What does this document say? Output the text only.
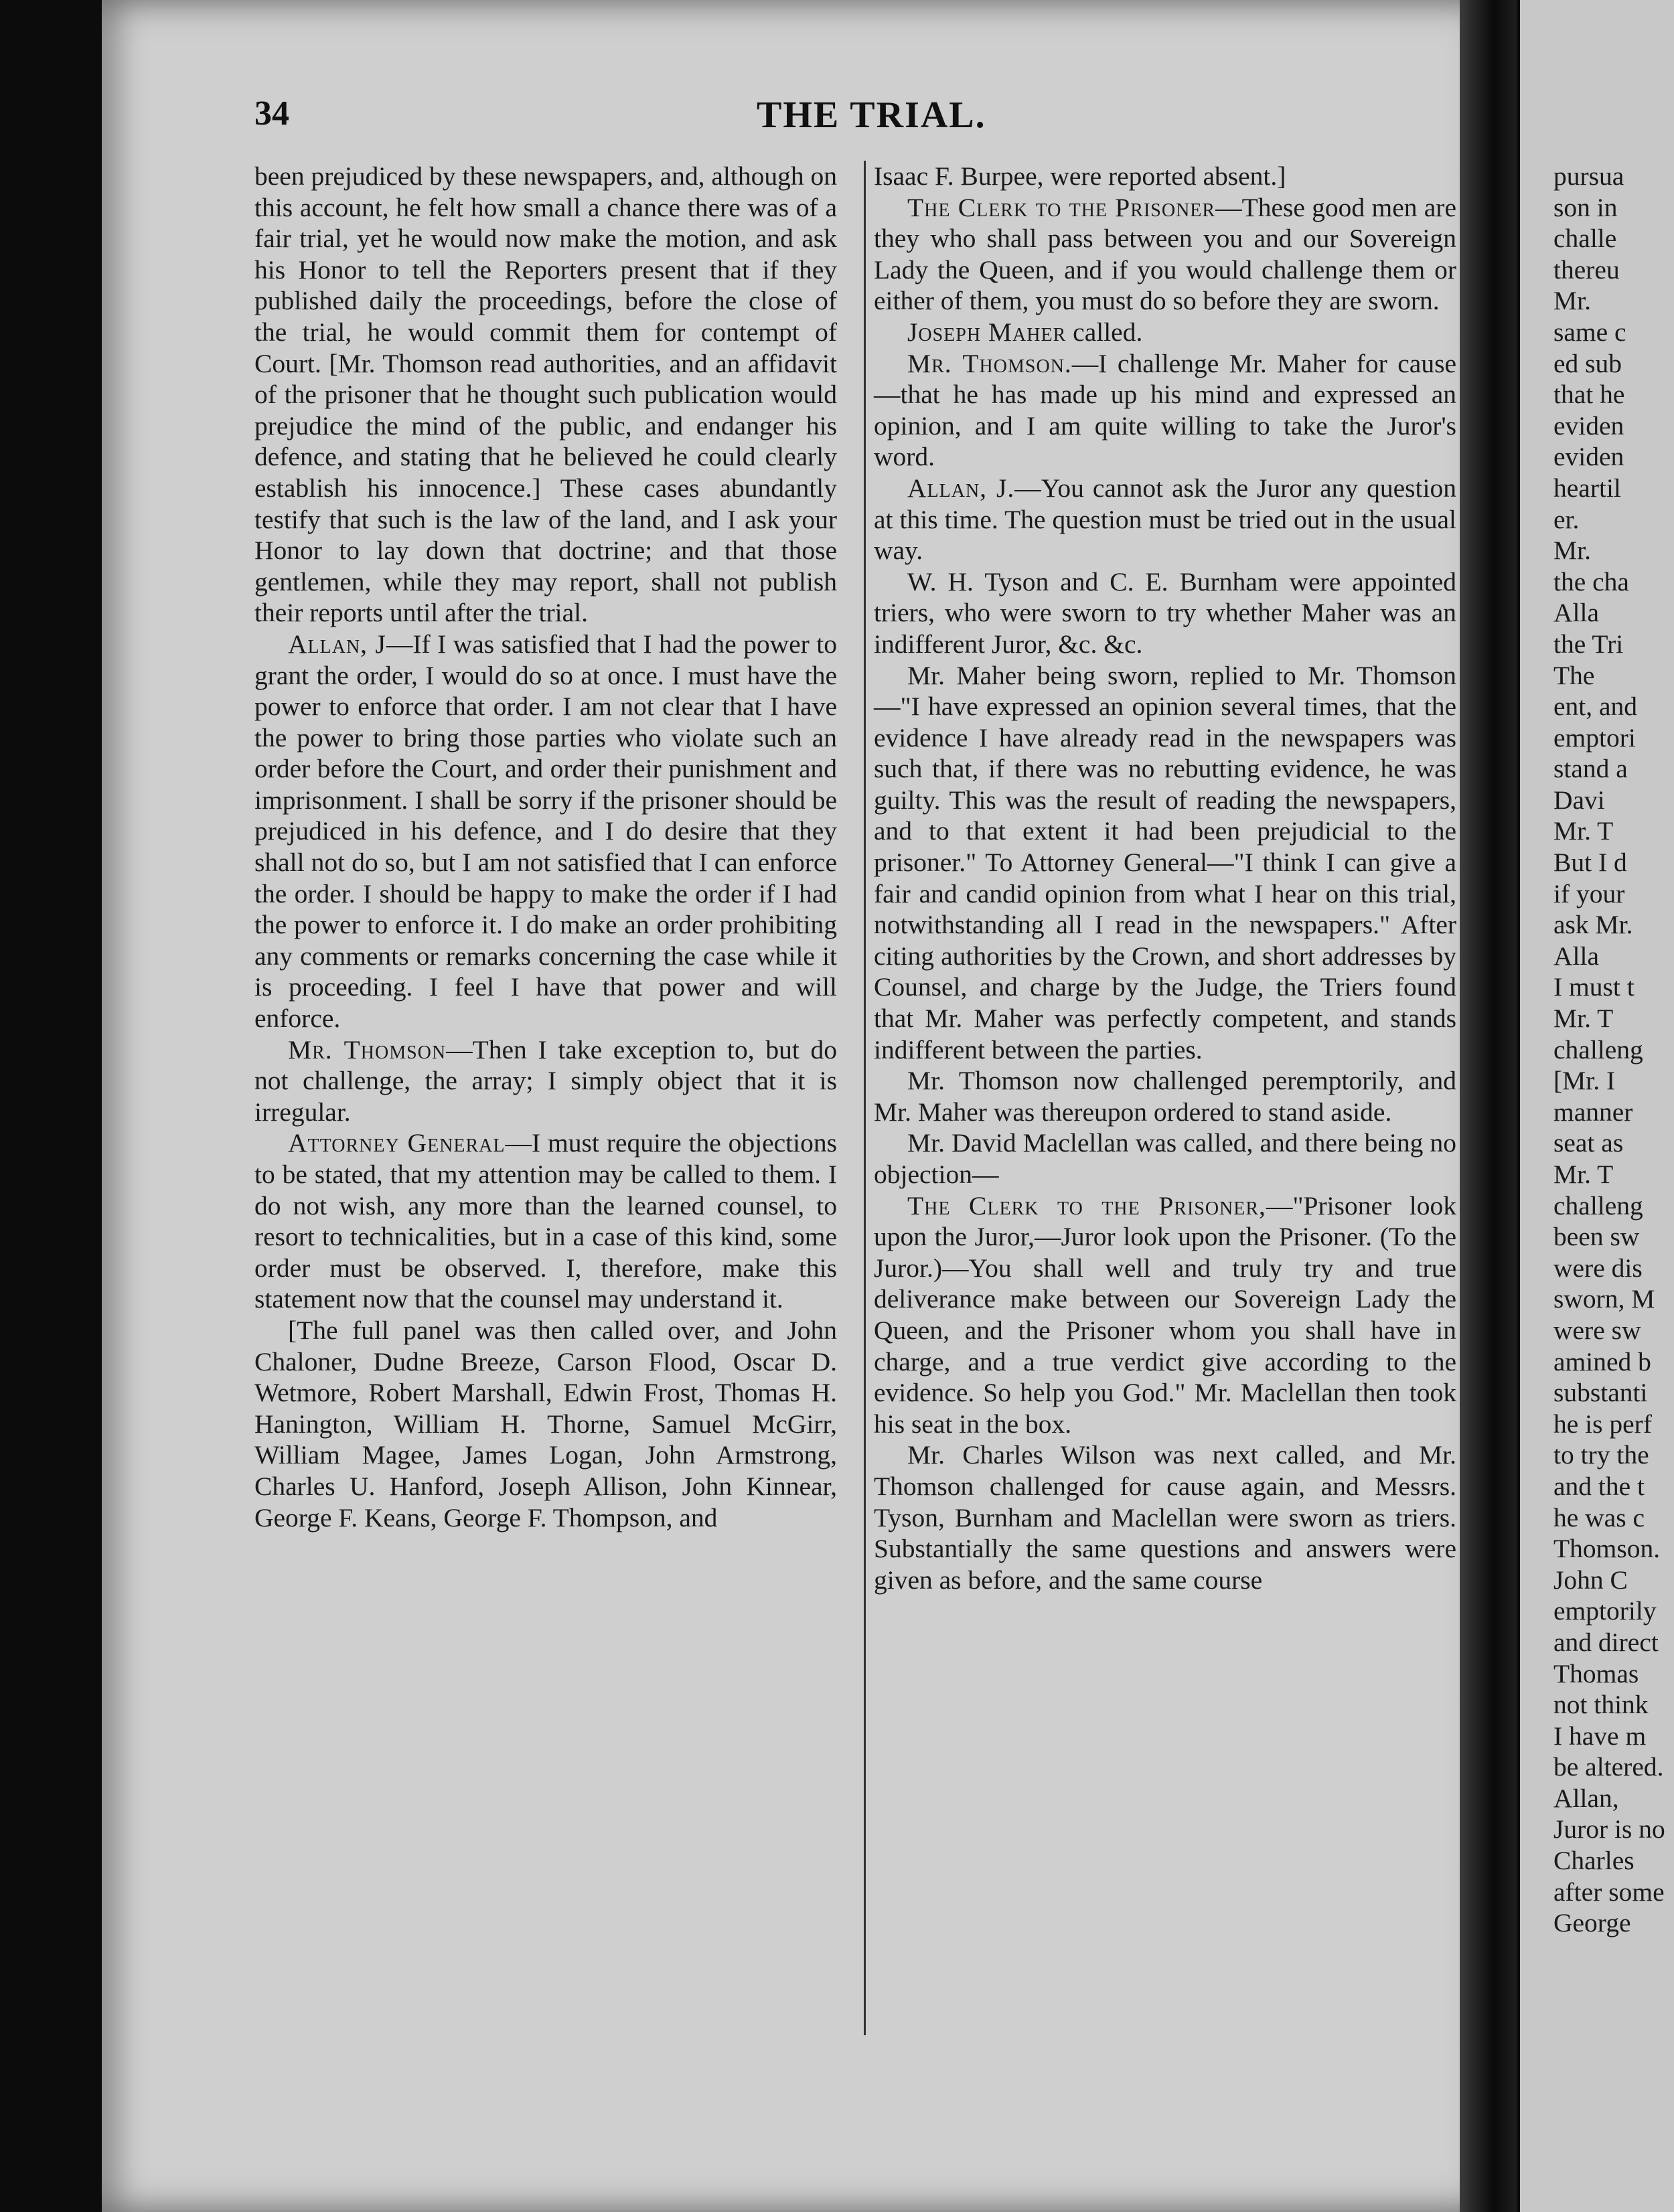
34	THE TRIAL.

been prejudiced by these newspapers, and, although on this account, he felt how small a chance there was of a fair trial, yet he would now make the motion, and ask his Honor to tell the Reporters present that if they published daily the proceedings, before the close of the trial, he would commit them for contempt of Court. [Mr. Thomson read authorities, and an affidavit of the prisoner that he thought such publication would prejudice the mind of the public, and endanger his defence, and stating that he believed he could clearly establish his innocence.] These cases abundantly testify that such is the law of the land, and I ask your Honor to lay down that doctrine; and that those gentlemen, while they may report, shall not publish their reports until after the trial.

Allan, J—If I was satisfied that I had the power to grant the order, I would do so at once. I must have the power to enforce that order. I am not clear that I have the power to bring those parties who violate such an order before the Court, and order their punishment and imprisonment. I shall be sorry if the prisoner should be prejudiced in his defence, and I do desire that they shall not do so, but I am not satisfied that I can enforce the order. I should be happy to make the order if I had the power to enforce it. I do make an order prohibiting any comments or remarks concerning the case while it is proceeding. I feel I have that power and will enforce.

Mr. Thomson—Then I take exception to, but do not challenge, the array; I simply object that it is irregular.

Attorney General—I must require the objections to be stated, that my attention may be called to them. I do not wish, any more than the learned counsel, to resort to technicalities, but in a case of this kind, some order must be observed. I, therefore, make this statement now that the counsel may understand it.

[The full panel was then called over, and John Chaloner, Dudne Breeze, Carson Flood, Oscar D. Wetmore, Robert Marshall, Edwin Frost, Thomas H. Hanington, William H. Thorne, Samuel McGirr, William Magee, James Logan, John Armstrong, Charles U. Hanford, Joseph Allison, John Kinnear, George F. Keans, George F. Thompson, and

Isaac F. Burpee, were reported absent.]

The Clerk to the Prisoner—These good men are they who shall pass between you and our Sovereign Lady the Queen, and if you would challenge them or either of them, you must do so before they are sworn.

Joseph Maher called.

Mr. Thomson.—I challenge Mr. Maher for cause—that he has made up his mind and expressed an opinion, and I am quite willing to take the Juror's word.

Allan, J.—You cannot ask the Juror any question at this time. The question must be tried out in the usual way.

W. H. Tyson and C. E. Burnham were appointed triers, who were sworn to try whether Maher was an indifferent Juror, &c. &c.

Mr. Maher being sworn, replied to Mr. Thomson—"I have expressed an opinion several times, that the evidence I have already read in the newspapers was such that, if there was no rebutting evidence, he was guilty. This was the result of reading the newspapers, and to that extent it had been prejudicial to the prisoner." To Attorney General—"I think I can give a fair and candid opinion from what I hear on this trial, notwithstanding all I read in the newspapers." After citing authorities by the Crown, and short addresses by Counsel, and charge by the Judge, the Triers found that Mr. Maher was perfectly competent, and stands indifferent between the parties.

Mr. Thomson now challenged peremptorily, and Mr. Maher was thereupon ordered to stand aside.

Mr. David Maclellan was called, and there being no objection—

The Clerk to the Prisoner,—"Prisoner look upon the Juror,—Juror look upon the Prisoner. (To the Juror.)—You shall well and truly try and true deliverance make between our Sovereign Lady the Queen, and the Prisoner whom you shall have in charge, and a true verdict give according to the evidence. So help you God." Mr. Maclellan then took his seat in the box.

Mr. Charles Wilson was next called, and Mr. Thomson challenged for cause again, and Messrs. Tyson, Burnham and Maclellan were sworn as triers. Substantially the same questions and answers were given as before, and the same course

pursua
son in
challe
thereu
Mr.
same c
ed sub
that he
eviden
eviden
heartil
er.
Mr.
the cha
Alla
the Tri
The
ent, and
emptori
stand a
Davi
Mr. T
But I d
if your
ask Mr.
Alla
I must t
Mr. T
challeng
[Mr. I
manner
seat as
Mr. T
challeng
been sw
were dis
sworn, M
were sw
amined b
substanti
he is perf
to try the
and the t
he was c
Thomson.
John C
emptorily
and direct
Thomas
not think
I have m
be altered.
Allan,
Juror is no
Charles
after some
George
